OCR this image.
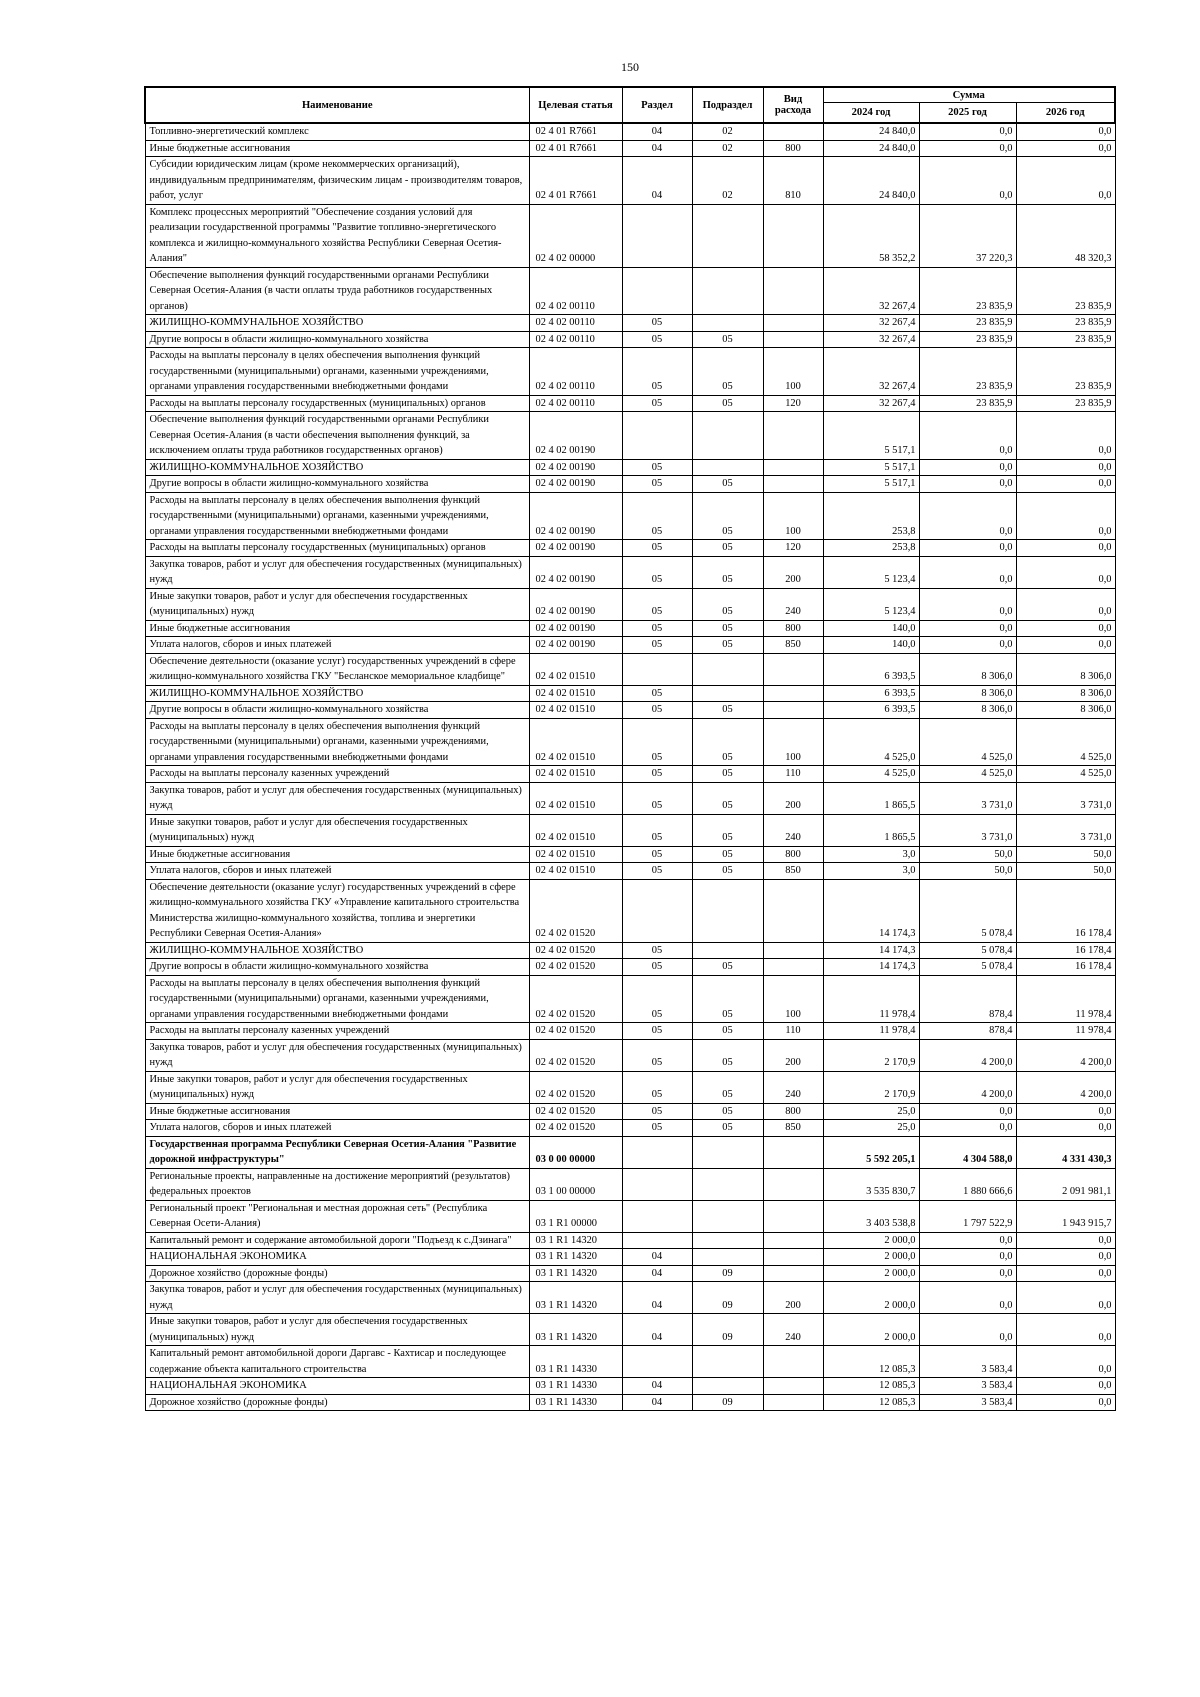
150
Наименование	Целевая статья	Раздел	Подраздел	Вид расхода	Сумма		
					2024 год	2025 год	2026 год
Топливно-энергетический комплекс	02 4 01 R7661	04	02		24 840,0	0,0	0,0
Иные бюджетные ассигнования	02 4 01 R7661	04	02	800	24 840,0	0,0	0,0
Субсидии юридическим лицам (кроме некоммерческих организаций), индивидуальным предпринимателям, физическим лицам - производителям товаров, работ, услуг	02 4 01 R7661	04	02	810	24 840,0	0,0	0,0
Комплекс процессных мероприятий "Обеспечение создания условий для реализации государственной программы "Развитие топливно-энергетического комплекса и жилищно-коммунального хозяйства Республики Северная Осетия-Алания"	02 4 02 00000				58 352,2	37 220,3	48 320,3
Обеспечение выполнения функций государственными органами Республики Северная Осетия-Алания (в части оплаты труда работников государственных органов)	02 4 02 00110				32 267,4	23 835,9	23 835,9
ЖИЛИЩНО-КОММУНАЛЬНОЕ ХОЗЯЙСТВО	02 4 02 00110	05			32 267,4	23 835,9	23 835,9
Другие вопросы в области жилищно-коммунального хозяйства	02 4 02 00110	05	05		32 267,4	23 835,9	23 835,9
Расходы на выплаты персоналу в целях обеспечения выполнения функций государственными (муниципальными) органами, казенными учреждениями, органами управления государственными внебюджетными фондами	02 4 02 00110	05	05	100	32 267,4	23 835,9	23 835,9
Расходы на выплаты персоналу государственных (муниципальных) органов	02 4 02 00110	05	05	120	32 267,4	23 835,9	23 835,9
Обеспечение выполнения функций государственными органами Республики Северная Осетия-Алания (в части обеспечения выполнения функций, за исключением оплаты труда работников государственных органов)	02 4 02 00190				5 517,1	0,0	0,0
ЖИЛИЩНО-КОММУНАЛЬНОЕ ХОЗЯЙСТВО	02 4 02 00190	05			5 517,1	0,0	0,0
Другие вопросы в области жилищно-коммунального хозяйства	02 4 02 00190	05	05		5 517,1	0,0	0,0
Расходы на выплаты персоналу в целях обеспечения выполнения функций государственными (муниципальными) органами, казенными учреждениями, органами управления государственными внебюджетными фондами	02 4 02 00190	05	05	100	253,8	0,0	0,0
Расходы на выплаты персоналу государственных (муниципальных) органов	02 4 02 00190	05	05	120	253,8	0,0	0,0
Закупка товаров, работ и услуг для обеспечения государственных (муниципальных) нужд	02 4 02 00190	05	05	200	5 123,4	0,0	0,0
Иные закупки товаров, работ и услуг для обеспечения государственных (муниципальных) нужд	02 4 02 00190	05	05	240	5 123,4	0,0	0,0
Иные бюджетные ассигнования	02 4 02 00190	05	05	800	140,0	0,0	0,0
Уплата налогов, сборов и иных платежей	02 4 02 00190	05	05	850	140,0	0,0	0,0
Обеспечение деятельности (оказание услуг) государственных учреждений в сфере жилищно-коммунального хозяйства ГКУ "Бесланское мемориальное кладбище"	02 4 02 01510				6 393,5	8 306,0	8 306,0
ЖИЛИЩНО-КОММУНАЛЬНОЕ ХОЗЯЙСТВО	02 4 02 01510	05			6 393,5	8 306,0	8 306,0
Другие вопросы в области жилищно-коммунального хозяйства	02 4 02 01510	05	05		6 393,5	8 306,0	8 306,0
Расходы на выплаты персоналу в целях обеспечения выполнения функций государственными (муниципальными) органами, казенными учреждениями, органами управления государственными внебюджетными фондами	02 4 02 01510	05	05	100	4 525,0	4 525,0	4 525,0
Расходы на выплаты персоналу казенных учреждений	02 4 02 01510	05	05	110	4 525,0	4 525,0	4 525,0
Закупка товаров, работ и услуг для обеспечения государственных (муниципальных) нужд	02 4 02 01510	05	05	200	1 865,5	3 731,0	3 731,0
Иные закупки товаров, работ и услуг для обеспечения государственных (муниципальных) нужд	02 4 02 01510	05	05	240	1 865,5	3 731,0	3 731,0
Иные бюджетные ассигнования	02 4 02 01510	05	05	800	3,0	50,0	50,0
Уплата налогов, сборов и иных платежей	02 4 02 01510	05	05	850	3,0	50,0	50,0
Обеспечение деятельности (оказание услуг) государственных учреждений в сфере жилищно-коммунального хозяйства ГКУ «Управление капитального строительства Министерства жилищно-коммунального хозяйства, топлива и энергетики Республики Северная Осетия-Алания»	02 4 02 01520				14 174,3	5 078,4	16 178,4
ЖИЛИЩНО-КОММУНАЛЬНОЕ ХОЗЯЙСТВО	02 4 02 01520	05			14 174,3	5 078,4	16 178,4
Другие вопросы в области жилищно-коммунального хозяйства	02 4 02 01520	05	05		14 174,3	5 078,4	16 178,4
Расходы на выплаты персоналу в целях обеспечения выполнения функций государственными (муниципальными) органами, казенными учреждениями, органами управления государственными внебюджетными фондами	02 4 02 01520	05	05	100	11 978,4	878,4	11 978,4
Расходы на выплаты персоналу казенных учреждений	02 4 02 01520	05	05	110	11 978,4	878,4	11 978,4
Закупка товаров, работ и услуг для обеспечения государственных (муниципальных) нужд	02 4 02 01520	05	05	200	2 170,9	4 200,0	4 200,0
Иные закупки товаров, работ и услуг для обеспечения государственных (муниципальных) нужд	02 4 02 01520	05	05	240	2 170,9	4 200,0	4 200,0
Иные бюджетные ассигнования	02 4 02 01520	05	05	800	25,0	0,0	0,0
Уплата налогов, сборов и иных платежей	02 4 02 01520	05	05	850	25,0	0,0	0,0
Государственная программа Республики Северная Осетия-Алания "Развитие дорожной инфраструктуры"	03 0 00 00000				5 592 205,1	4 304 588,0	4 331 430,3
Региональные проекты, направленные на достижение мероприятий (результатов) федеральных проектов	03 1 00 00000				3 535 830,7	1 880 666,6	2 091 981,1
Региональный проект "Региональная и местная дорожная сеть" (Республика Северная Осети-Алания)	03 1 R1 00000				3 403 538,8	1 797 522,9	1 943 915,7
Капитальный ремонт и содержание автомобильной дороги "Подъезд к с.Дзинага"	03 1 R1 14320				2 000,0	0,0	0,0
НАЦИОНАЛЬНАЯ ЭКОНОМИКА	03 1 R1 14320	04			2 000,0	0,0	0,0
Дорожное хозяйство (дорожные фонды)	03 1 R1 14320	04	09		2 000,0	0,0	0,0
Закупка товаров, работ и услуг для обеспечения государственных (муниципальных) нужд	03 1 R1 14320	04	09	200	2 000,0	0,0	0,0
Иные закупки товаров, работ и услуг для обеспечения государственных (муниципальных) нужд	03 1 R1 14320	04	09	240	2 000,0	0,0	0,0
Капитальный ремонт автомобильной дороги Даргавс - Кахтисар и последующее содержание объекта капитального строительства	03 1 R1 14330				12 085,3	3 583,4	0,0
НАЦИОНАЛЬНАЯ ЭКОНОМИКА	03 1 R1 14330	04			12 085,3	3 583,4	0,0
Дорожное хозяйство (дорожные фонды)	03 1 R1 14330	04	09		12 085,3	3 583,4	0,0
